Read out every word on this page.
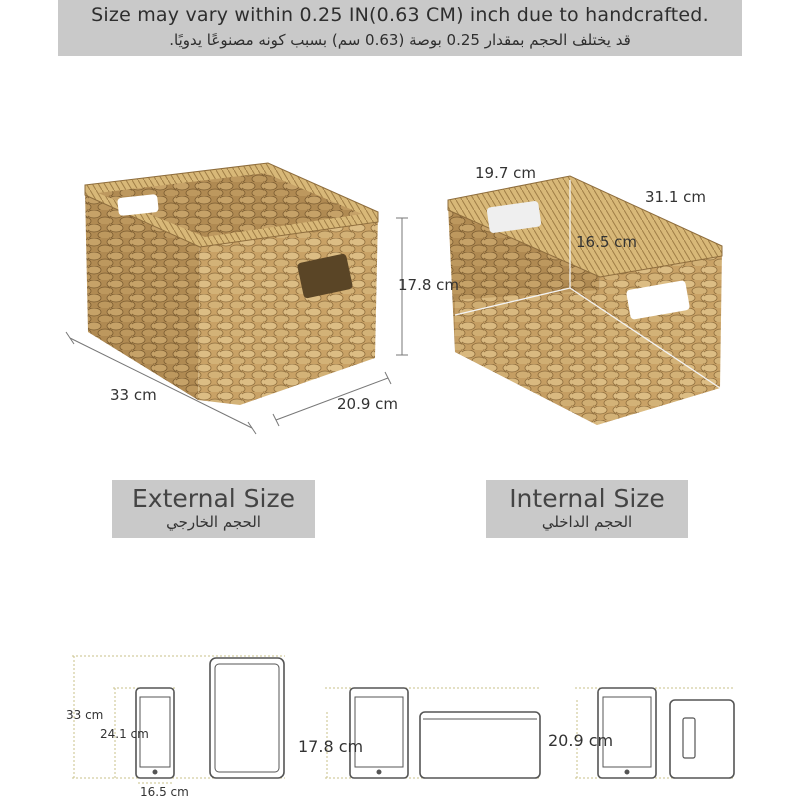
Size may vary within 0.25 IN(0.63 CM) inch due to handcrafted.
قد يختلف الحجم بمقدار 0.25 بوصة (0.63 سم) بسبب كونه مصنوعًا يدويًا.
33 cm	20.9 cm
17.8 cm
19.7 cm
31.1 cm
16.5 cm
External Size
الحجم الخارجي
Internal Size
الحجم الداخلي
33 cm
24.1 cm
16.5 cm
17.8 cm	20.9 cm
